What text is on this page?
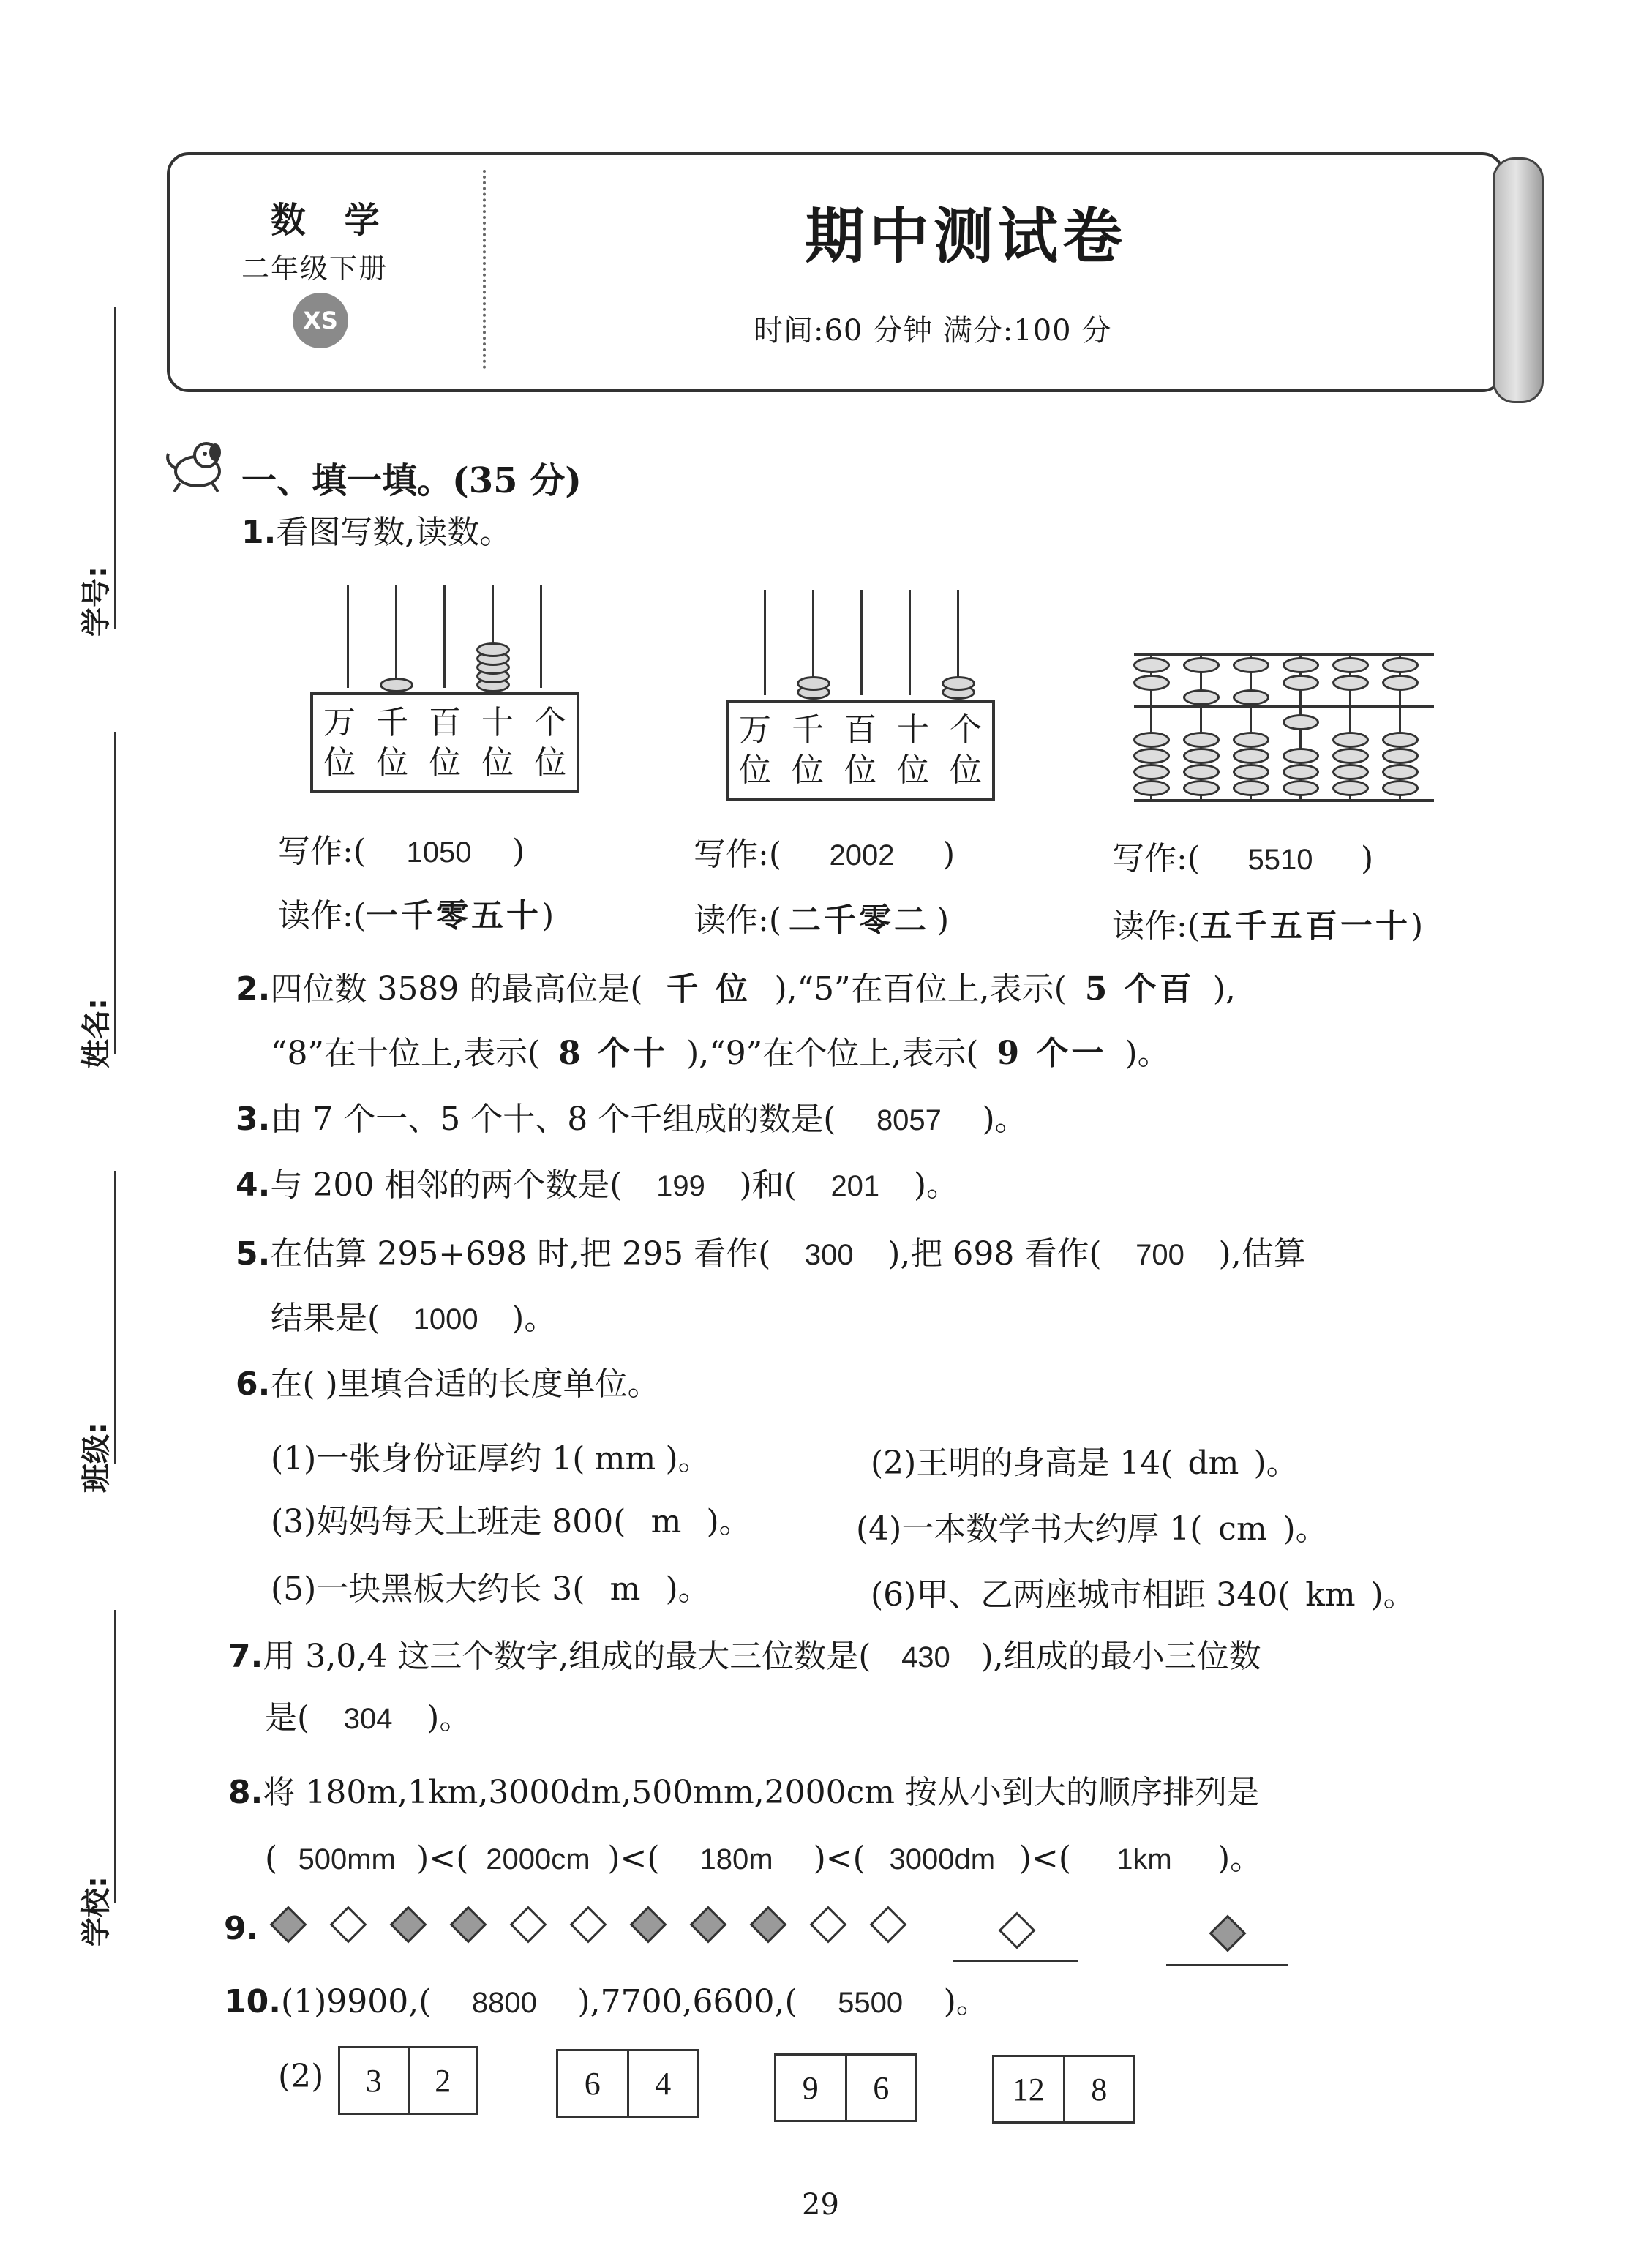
数 学
二年级下册
XS
期中测试卷
时间:60 分钟 满分:100 分
学号:
姓名:
班级:
学校:
一、填一填。(35 分)
1.看图写数,读数。
万 千 百 十 个
位 位 位 位 位
万 千 百 十 个
位 位 位 位 位
写作:( 1050 )	写作:( 2002 )	写作:( 5510 )
读作:(一千零五十)	读作:( 二千零二 )	读作:(五千五百一十)
2.四位数 3589 的最高位是( 千 位 ),“5”在百位上,表示( 5 个百 ),
“8”在十位上,表示( 8 个十 ),“9”在个位上,表示( 9 个一 )。
3.由 7 个一、5 个十、8 个千组成的数是( 8057 )。
4.与 200 相邻的两个数是( 199 )和( 201 )。
5.在估算 295+698 时,把 295 看作( 300 ),把 698 看作( 700 ),估算
结果是( 1000 )。
6.在( )里填合适的长度单位。
(1)一张身份证厚约 1( mm )。	(2)王明的身高是 14( dm )。
(3)妈妈每天上班走 800( m )。	(4)一本数学书大约厚 1( cm )。
(5)一块黑板大约长 3( m )。	(6)甲、乙两座城市相距 340( km )。
7.用 3,0,4 这三个数字,组成的最大三位数是( 430 ),组成的最小三位数
是( 304 )。
8.将 180m,1km,3000dm,500mm,2000cm 按从小到大的顺序排列是
( 500mm )<( 2000cm )<( 180m )<( 3000dm )<( 1km )。
9.
10.(1)9900,( 8800 ),7700,6600,( 5500 )。
(2)	3	2	6	4	9	6	12	8
29
